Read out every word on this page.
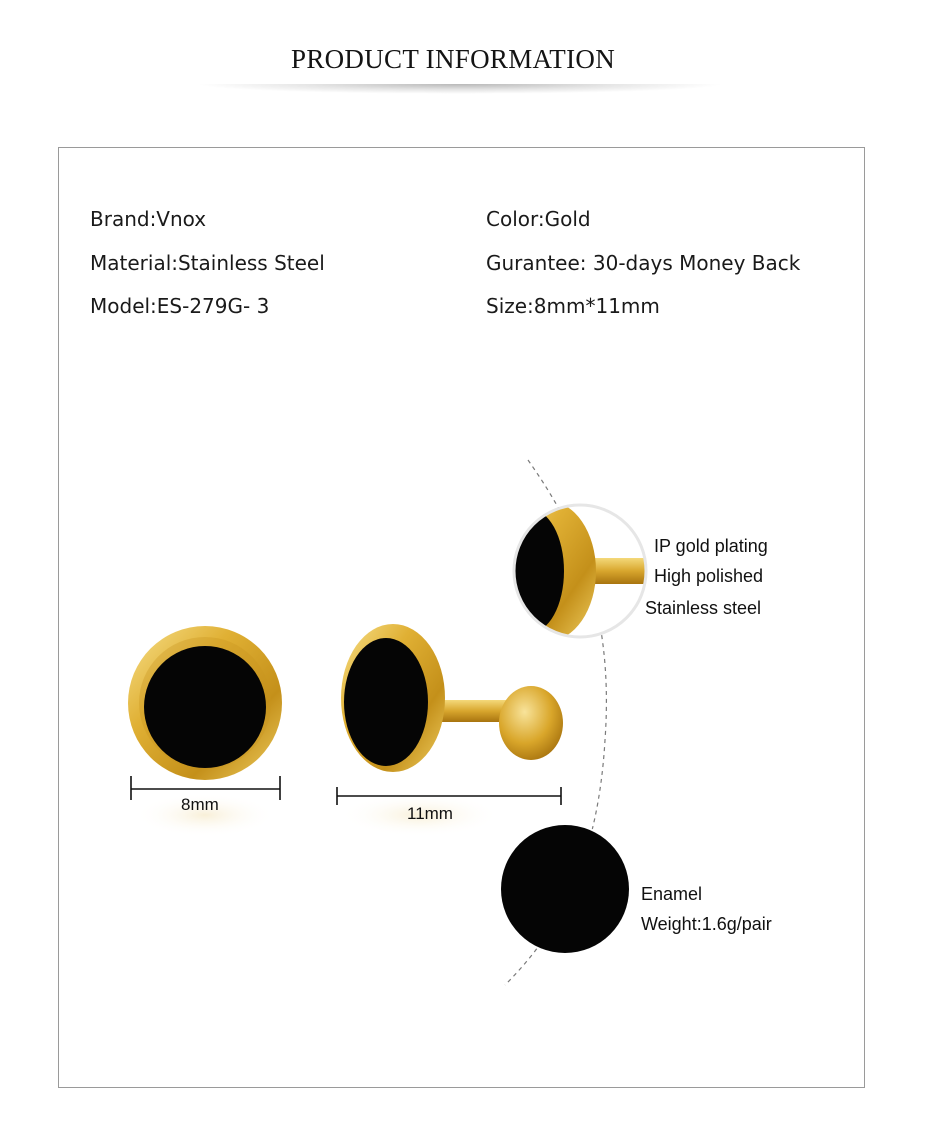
PRODUCT INFORMATION
Brand:Vnox
Material:Stainless Steel
Model:ES-279G- 3
Color:Gold
Gurantee: 30-days Money Back
Size:8mm*11mm
8mm	11mm
IP gold plating
High polished
Stainless steel
Enamel
Weight:1.6g/pair
